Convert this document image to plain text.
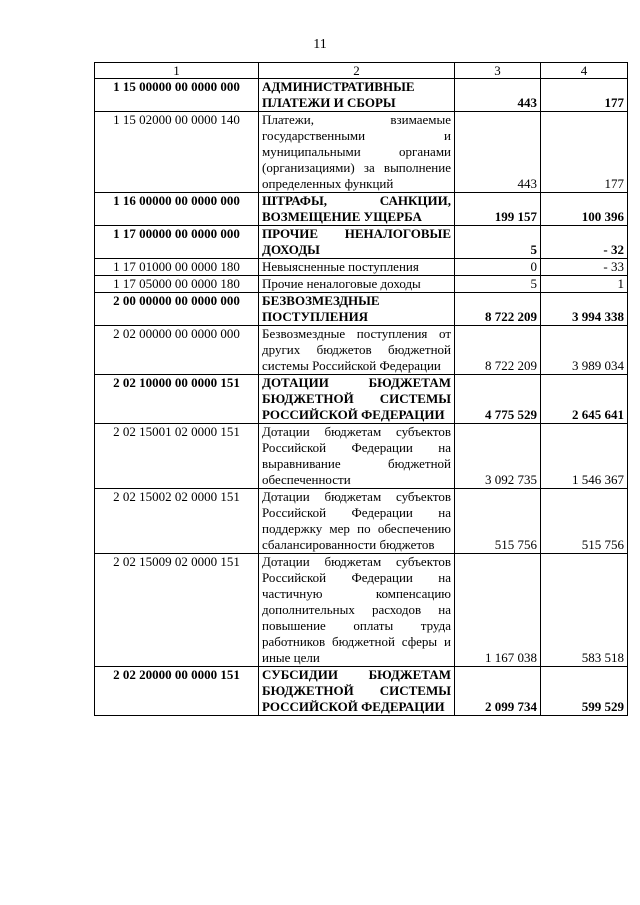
11
1	2	3	4
1 15 00000 00 0000 000	АДМИНИСТРАТИВНЫЕ ПЛАТЕЖИ И СБОРЫ	443	177
1 15 02000 00 0000 140	Платежи, взимаемые государственными и муниципальными органами (организациями) за выполнение определенных функций	443	177
1 16 00000 00 0000 000	ШТРАФЫ, САНКЦИИ, ВОЗМЕЩЕНИЕ УЩЕРБА	199 157	100 396
1 17 00000 00 0000 000	ПРОЧИЕ НЕНАЛОГОВЫЕ ДОХОДЫ	5	- 32
1 17 01000 00 0000 180	Невыясненные поступления	0	- 33
1 17 05000 00 0000 180	Прочие неналоговые доходы	5	1
2 00 00000 00 0000 000	БЕЗВОЗМЕЗДНЫЕ ПОСТУПЛЕНИЯ	8 722 209	3 994 338
2 02 00000 00 0000 000	Безвозмездные поступления от других бюджетов бюджетной системы Российской Федерации	8 722 209	3 989 034
2 02 10000 00 0000 151	ДОТАЦИИ БЮДЖЕТАМ БЮДЖЕТНОЙ СИСТЕМЫ РОССИЙСКОЙ ФЕДЕРАЦИИ	4 775 529	2 645 641
2 02 15001 02 0000 151	Дотации бюджетам субъектов Российской Федерации на выравнивание бюджетной обеспеченности	3 092 735	1 546 367
2 02 15002 02 0000 151	Дотации бюджетам субъектов Российской Федерации на поддержку мер по обеспечению сбалансированности бюджетов	515 756	515 756
2 02 15009 02 0000 151	Дотации бюджетам субъектов Российской Федерации на частичную компенсацию дополнительных расходов на повышение оплаты труда работников бюджетной сферы и иные цели	1 167 038	583 518
2 02 20000 00 0000 151	СУБСИДИИ БЮДЖЕТАМ БЮДЖЕТНОЙ СИСТЕМЫ РОССИЙСКОЙ ФЕДЕРАЦИИ	2 099 734	599 529
